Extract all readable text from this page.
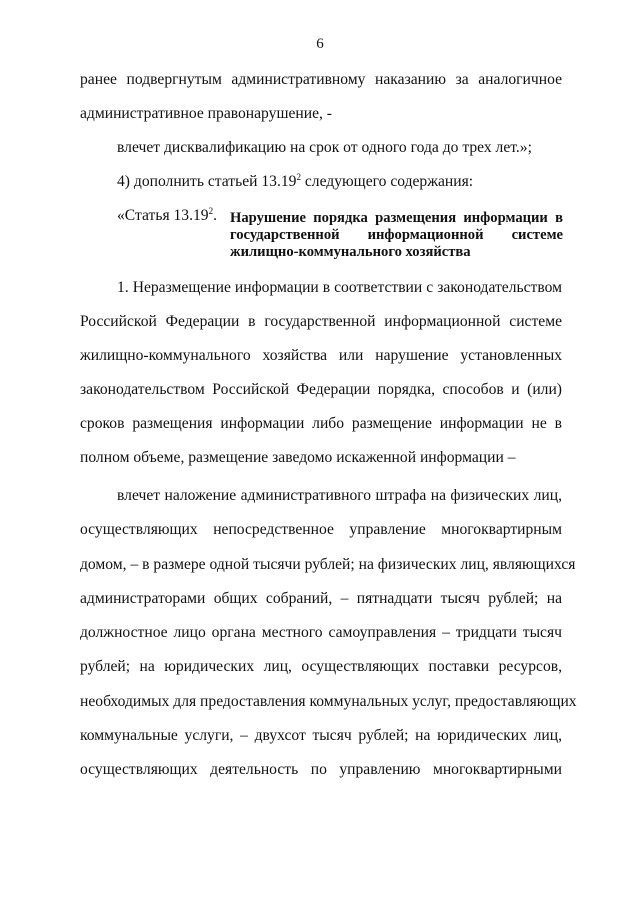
6
ранее подвергнутым административному наказанию за аналогичное
административное правонарушение, -
влечет дисквалификацию на срок от одного года до трех лет.»;
4) дополнить статьей 13.19$^2$ следующего содержания:
«Статья 13.19$^2$. Нарушение порядка размещения информации в
государственной информационной системе
жилищно-коммунального хозяйства
1. Неразмещение информации в соответствии с законодательством
Российской Федерации в государственной информационной системе
жилищно-коммунального хозяйства или нарушение установленных
законодательством Российской Федерации порядка, способов и (или)
сроков размещения информации либо размещение информации не в
полном объеме, размещение заведомо искаженной информации –
влечет наложение административного штрафа на физических лиц,
осуществляющих непосредственное управление многоквартирным
домом, – в размере одной тысячи рублей; на физических лиц, являющихся
администраторами общих собраний, – пятнадцати тысяч рублей; на
должностное лицо органа местного самоуправления – тридцати тысяч
рублей; на юридических лиц, осуществляющих поставки ресурсов,
необходимых для предоставления коммунальных услуг, предоставляющих
коммунальные услуги, – двухсот тысяч рублей; на юридических лиц,
осуществляющих деятельность по управлению многоквартирными
